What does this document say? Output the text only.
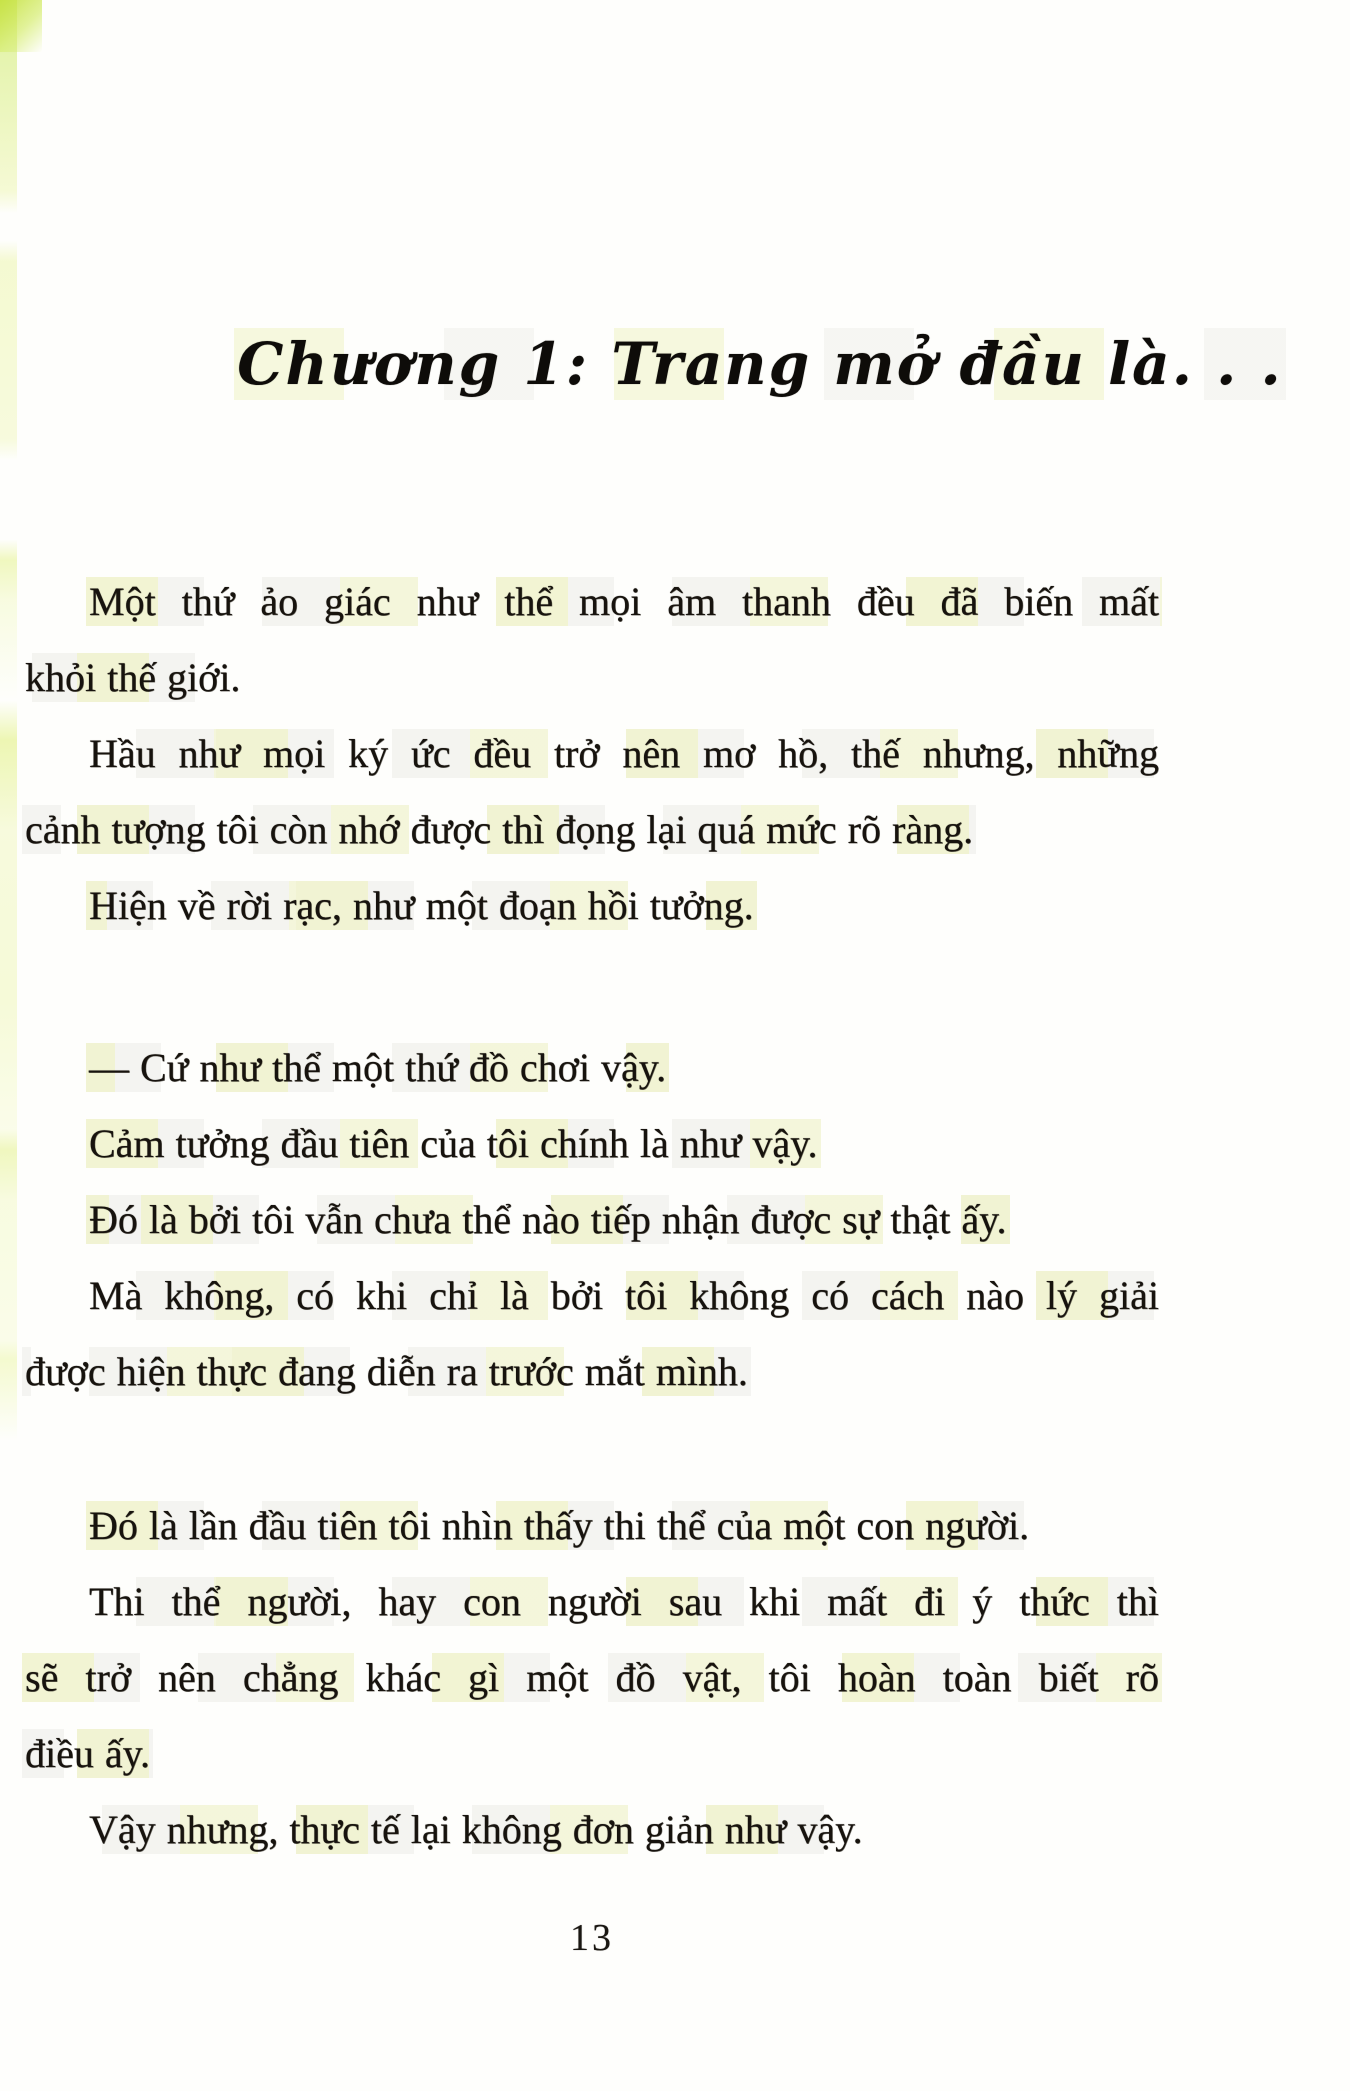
Chương 1: Trang mở đầu là. . .
Một thứ ảo giác như thể mọi âm thanh đều đã biến mất
khỏi thế giới.
Hầu như mọi ký ức đều trở nên mơ hồ, thế nhưng, những
cảnh tượng tôi còn nhớ được thì đọng lại quá mức rõ ràng.
Hiện về rời rạc, như một đoạn hồi tưởng.
— Cứ như thể một thứ đồ chơi vậy.
Cảm tưởng đầu tiên của tôi chính là như vậy.
Đó là bởi tôi vẫn chưa thể nào tiếp nhận được sự thật ấy.
Mà không, có khi chỉ là bởi tôi không có cách nào lý giải
được hiện thực đang diễn ra trước mắt mình.
Đó là lần đầu tiên tôi nhìn thấy thi thể của một con người.
Thi thể người, hay con người sau khi mất đi ý thức thì
sẽ trở nên chẳng khác gì một đồ vật, tôi hoàn toàn biết rõ
điều ấy.
Vậy nhưng, thực tế lại không đơn giản như vậy.
13
